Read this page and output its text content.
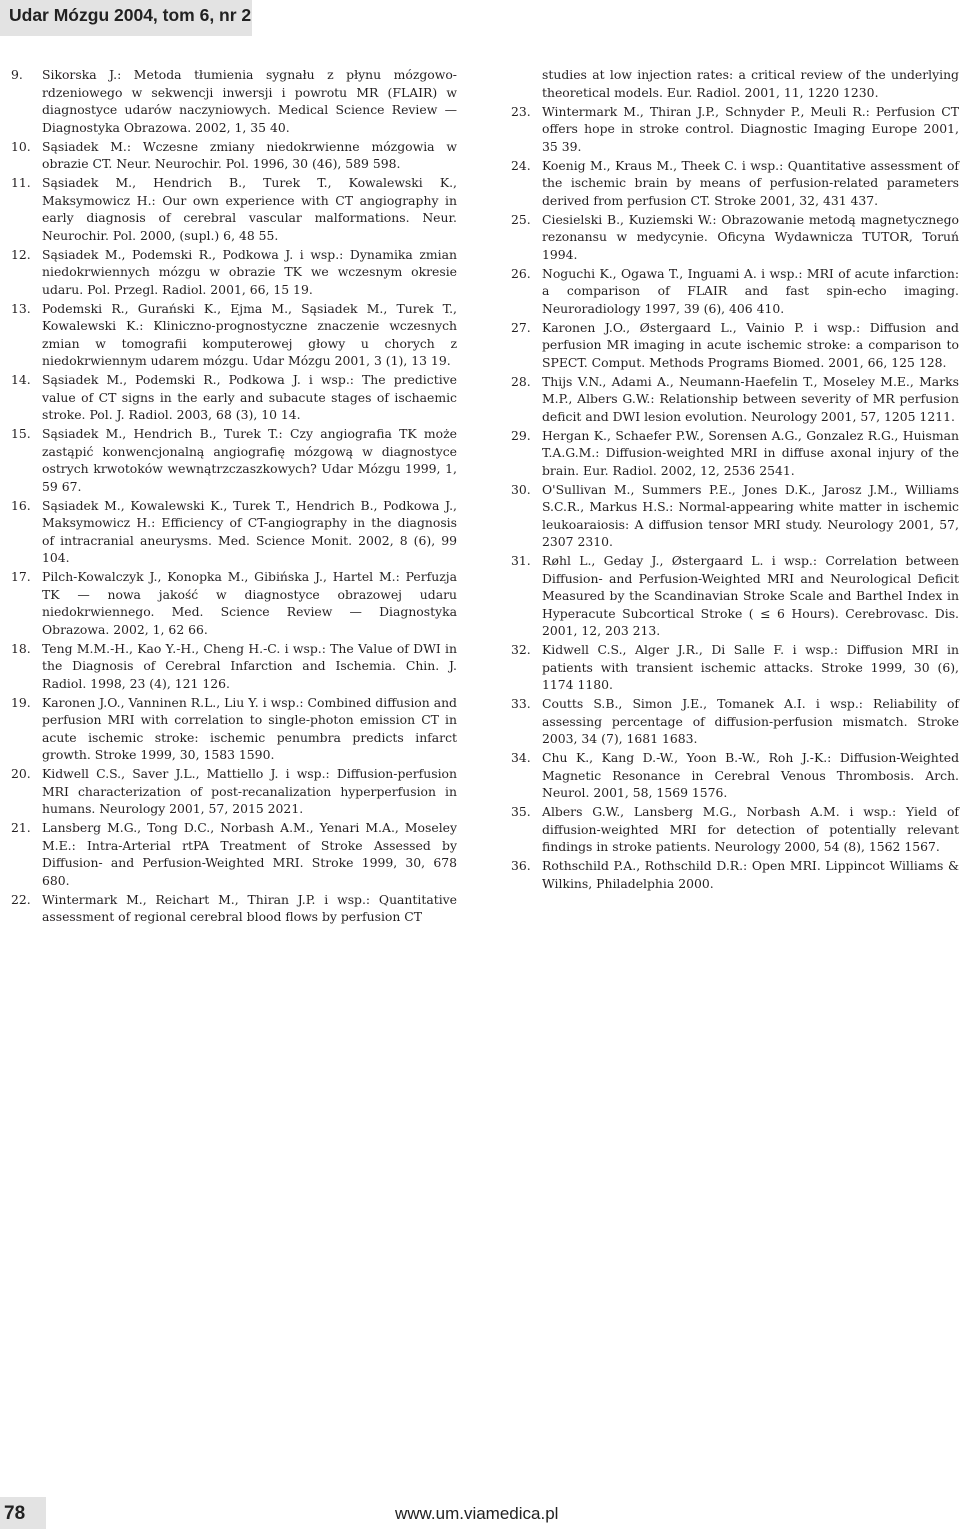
Udar Mózgu 2004, tom 6, nr 2
9. Sikorska J.: Metoda tłumienia sygnału z płynu mózgowo-rdzeniowego w sekwencji inwersji i powrotu MR (FLAIR) w diagnostyce udarów naczyniowych. Medical Science Review — Diagnostyka Obrazowa. 2002, 1, 35 40.
10. Sąsiadek M.: Wczesne zmiany niedokrwienne mózgowia w obrazie CT. Neur. Neurochir. Pol. 1996, 30 (46), 589 598.
11. Sąsiadek M., Hendrich B., Turek T., Kowalewski K., Maksymowicz H.: Our own experience with CT angiography in early diagnosis of cerebral vascular malformations. Neur. Neurochir. Pol. 2000, (supl.) 6, 48 55.
12. Sąsiadek M., Podemski R., Podkowa J. i wsp.: Dynamika zmian niedokrwiennych mózgu w obrazie TK we wczesnym okresie udaru. Pol. Przegl. Radiol. 2001, 66, 15 19.
13. Podemski R., Gurański K., Ejma M., Sąsiadek M., Turek T., Kowalewski K.: Kliniczno-prognostyczne znaczenie wczesnych zmian w tomografii komputerowej głowy u chorych z niedokrwiennym udarem mózgu. Udar Mózgu 2001, 3 (1), 13 19.
14. Sąsiadek M., Podemski R., Podkowa J. i wsp.: The predictive value of CT signs in the early and subacute stages of ischaemic stroke. Pol. J. Radiol. 2003, 68 (3), 10 14.
15. Sąsiadek M., Hendrich B., Turek T.: Czy angiografia TK może zastąpić konwencjonalną angiografię mózgową w diagnostyce ostrych krwotoków wewnątrzczaszkowych? Udar Mózgu 1999, 1, 59 67.
16. Sąsiadek M., Kowalewski K., Turek T., Hendrich B., Podkowa J., Maksymowicz H.: Efficiency of CT-angiography in the diagnosis of intracranial aneurysms. Med. Science Monit. 2002, 8 (6), 99 104.
17. Pilch-Kowalczyk J., Konopka M., Gibińska J., Hartel M.: Perfuzja TK — nowa jakość w diagnostyce obrazowej udaru niedokrwiennego. Med. Science Review — Diagnostyka Obrazowa. 2002, 1, 62 66.
18. Teng M.M.-H., Kao Y.-H., Cheng H.-C. i wsp.: The Value of DWI in the Diagnosis of Cerebral Infarction and Ischemia. Chin. J. Radiol. 1998, 23 (4), 121 126.
19. Karonen J.O., Vanninen R.L., Liu Y. i wsp.: Combined diffusion and perfusion MRI with correlation to single-photon emission CT in acute ischemic stroke: ischemic penumbra predicts infarct growth. Stroke 1999, 30, 1583 1590.
20. Kidwell C.S., Saver J.L., Mattiello J. i wsp.: Diffusion-perfusion MRI characterization of post-recanalization hyperperfusion in humans. Neurology 2001, 57, 2015 2021.
21. Lansberg M.G., Tong D.C., Norbash A.M., Yenari M.A., Moseley M.E.: Intra-Arterial rtPA Treatment of Stroke Assessed by Diffusion- and Perfusion-Weighted MRI. Stroke 1999, 30, 678 680.
22. Wintermark M., Reichart M., Thiran J.P. i wsp.: Quantitative assessment of regional cerebral blood flows by perfusion CT
studies at low injection rates: a critical review of the underlying theoretical models. Eur. Radiol. 2001, 11, 1220 1230.
23. Wintermark M., Thiran J.P., Schnyder P., Meuli R.: Perfusion CT offers hope in stroke control. Diagnostic Imaging Europe 2001, 35 39.
24. Koenig M., Kraus M., Theek C. i wsp.: Quantitative assessment of the ischemic brain by means of perfusion-related parameters derived from perfusion CT. Stroke 2001, 32, 431 437.
25. Ciesielski B., Kuziemski W.: Obrazowanie metodą magnetycznego rezonansu w medycynie. Oficyna Wydawnicza TUTOR, Toruń 1994.
26. Noguchi K., Ogawa T., Inguami A. i wsp.: MRI of acute infarction: a comparison of FLAIR and fast spin-echo imaging. Neuroradiology 1997, 39 (6), 406 410.
27. Karonen J.O., Østergaard L., Vainio P. i wsp.: Diffusion and perfusion MR imaging in acute ischemic stroke: a comparison to SPECT. Comput. Methods Programs Biomed. 2001, 66, 125 128.
28. Thijs V.N., Adami A., Neumann-Haefelin T., Moseley M.E., Marks M.P., Albers G.W.: Relationship between severity of MR perfusion deficit and DWI lesion evolution. Neurology 2001, 57, 1205 1211.
29. Hergan K., Schaefer P.W., Sorensen A.G., Gonzalez R.G., Huisman T.A.G.M.: Diffusion-weighted MRI in diffuse axonal injury of the brain. Eur. Radiol. 2002, 12, 2536 2541.
30. O'Sullivan M., Summers P.E., Jones D.K., Jarosz J.M., Williams S.C.R., Markus H.S.: Normal-appearing white matter in ischemic leukoaraiosis: A diffusion tensor MRI study. Neurology 2001, 57, 2307 2310.
31. Røhl L., Geday J., Østergaard L. i wsp.: Correlation between Diffusion- and Perfusion-Weighted MRI and Neurological Deficit Measured by the Scandinavian Stroke Scale and Barthel Index in Hyperacute Subcortical Stroke ( ≤ 6 Hours). Cerebrovasc. Dis. 2001, 12, 203 213.
32. Kidwell C.S., Alger J.R., Di Salle F. i wsp.: Diffusion MRI in patients with transient ischemic attacks. Stroke 1999, 30 (6), 1174 1180.
33. Coutts S.B., Simon J.E., Tomanek A.I. i wsp.: Reliability of assessing percentage of diffusion-perfusion mismatch. Stroke 2003, 34 (7), 1681 1683.
34. Chu K., Kang D.-W., Yoon B.-W., Roh J.-K.: Diffusion-Weighted Magnetic Resonance in Cerebral Venous Thrombosis. Arch. Neurol. 2001, 58, 1569 1576.
35. Albers G.W., Lansberg M.G., Norbash A.M. i wsp.: Yield of diffusion-weighted MRI for detection of potentially relevant findings in stroke patients. Neurology 2000, 54 (8), 1562 1567.
36. Rothschild P.A., Rothschild D.R.: Open MRI. Lippincot Williams & Wilkins, Philadelphia 2000.
78	www.um.viamedica.pl
